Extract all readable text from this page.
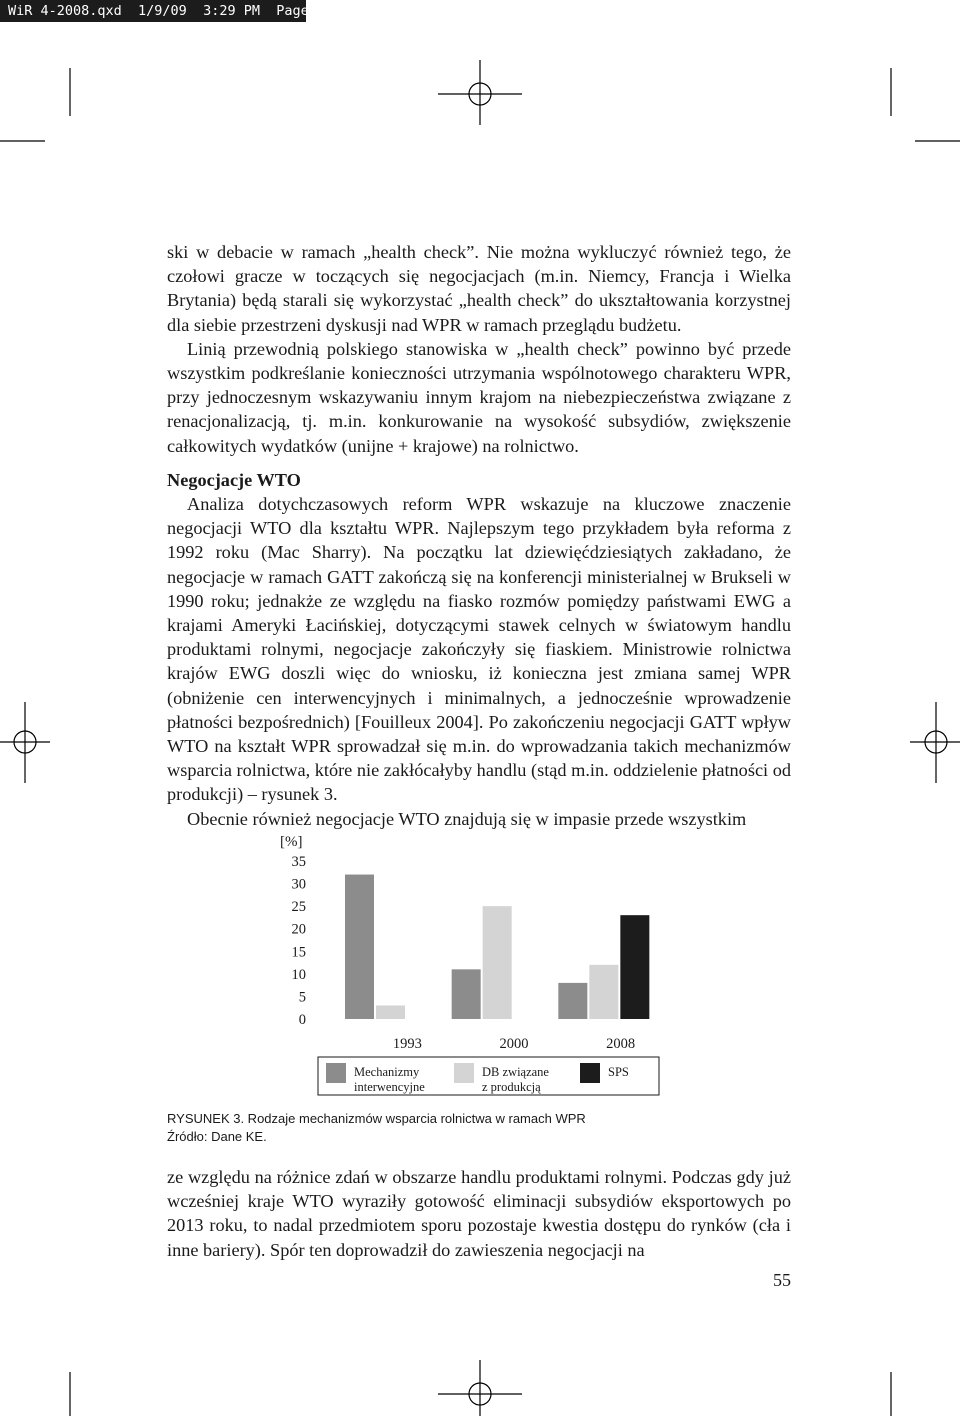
WiR 4-2008.qxd  1/9/09  3:29 PM  Page 55

ski w debacie w ramach „health check”. Nie można wykluczyć również tego, że czołowi gracze w toczących się negocjacjach (m.in. Niemcy, Francja i Wielka Brytania) będą starali się wykorzystać „health check” do ukształtowania korzystnej dla siebie przestrzeni dyskusji nad WPR w ramach przeglądu budżetu.

Linią przewodnią polskiego stanowiska w „health check” powinno być przede wszystkim podkreślanie konieczności utrzymania wspólnotowego charakteru WPR, przy jednoczesnym wskazywaniu innym krajom na niebezpieczeństwa związane z renacjonalizacją, tj. m.in. konkurowanie na wysokość subsydiów, zwiększenie całkowitych wydatków (unijne + krajowe) na rolnictwo.

Negocjacje WTO

Analiza dotychczasowych reform WPR wskazuje na kluczowe znaczenie negocjacji WTO dla kształtu WPR. Najlepszym tego przykładem była reforma z 1992 roku (Mac Sharry). Na początku lat dziewięćdziesiątych zakładano, że negocjacje w ramach GATT zakończą się na konferencji ministerialnej w Brukseli w 1990 roku; jednakże ze względu na fiasko rozmów pomiędzy państwami EWG a krajami Ameryki Łacińskiej, dotyczącymi stawek celnych w światowym handlu produktami rolnymi, negocjacje zakończyły się fiaskiem. Ministrowie rolnictwa krajów EWG doszli więc do wniosku, iż konieczna jest zmiana samej WPR (obniżenie cen interwencyjnych i minimalnych, a jednocześnie wprowadzenie płatności bezpośrednich) [Fouilleux 2004]. Po zakończeniu negocjacji GATT wpływ WTO na kształt WPR sprowadzał się m.in. do wprowadzania takich mechanizmów wsparcia rolnictwa, które nie zakłócałyby handlu (stąd m.in. oddzielenie płatności od produkcji) – rysunek 3.

Obecnie również negocjacje WTO znajdują się w impasie przede wszystkim

[%]
35
30
25
20
15
10
5
0
1993	2000	2008
Mechanizmy
interwencyjne
DB związane
z produkcją
SPS
RYSUNEK 3. Rodzaje mechanizmów wsparcia rolnictwa w ramach WPR
Źródło: Dane KE.

ze względu na różnice zdań w obszarze handlu produktami rolnymi. Podczas gdy już wcześniej kraje WTO wyraziły gotowość eliminacji subsydiów eksportowych po 2013 roku, to nadal przedmiotem sporu pozostaje kwestia dostępu do rynków (cła i inne bariery). Spór ten doprowadził do zawieszenia negocjacji na

55
